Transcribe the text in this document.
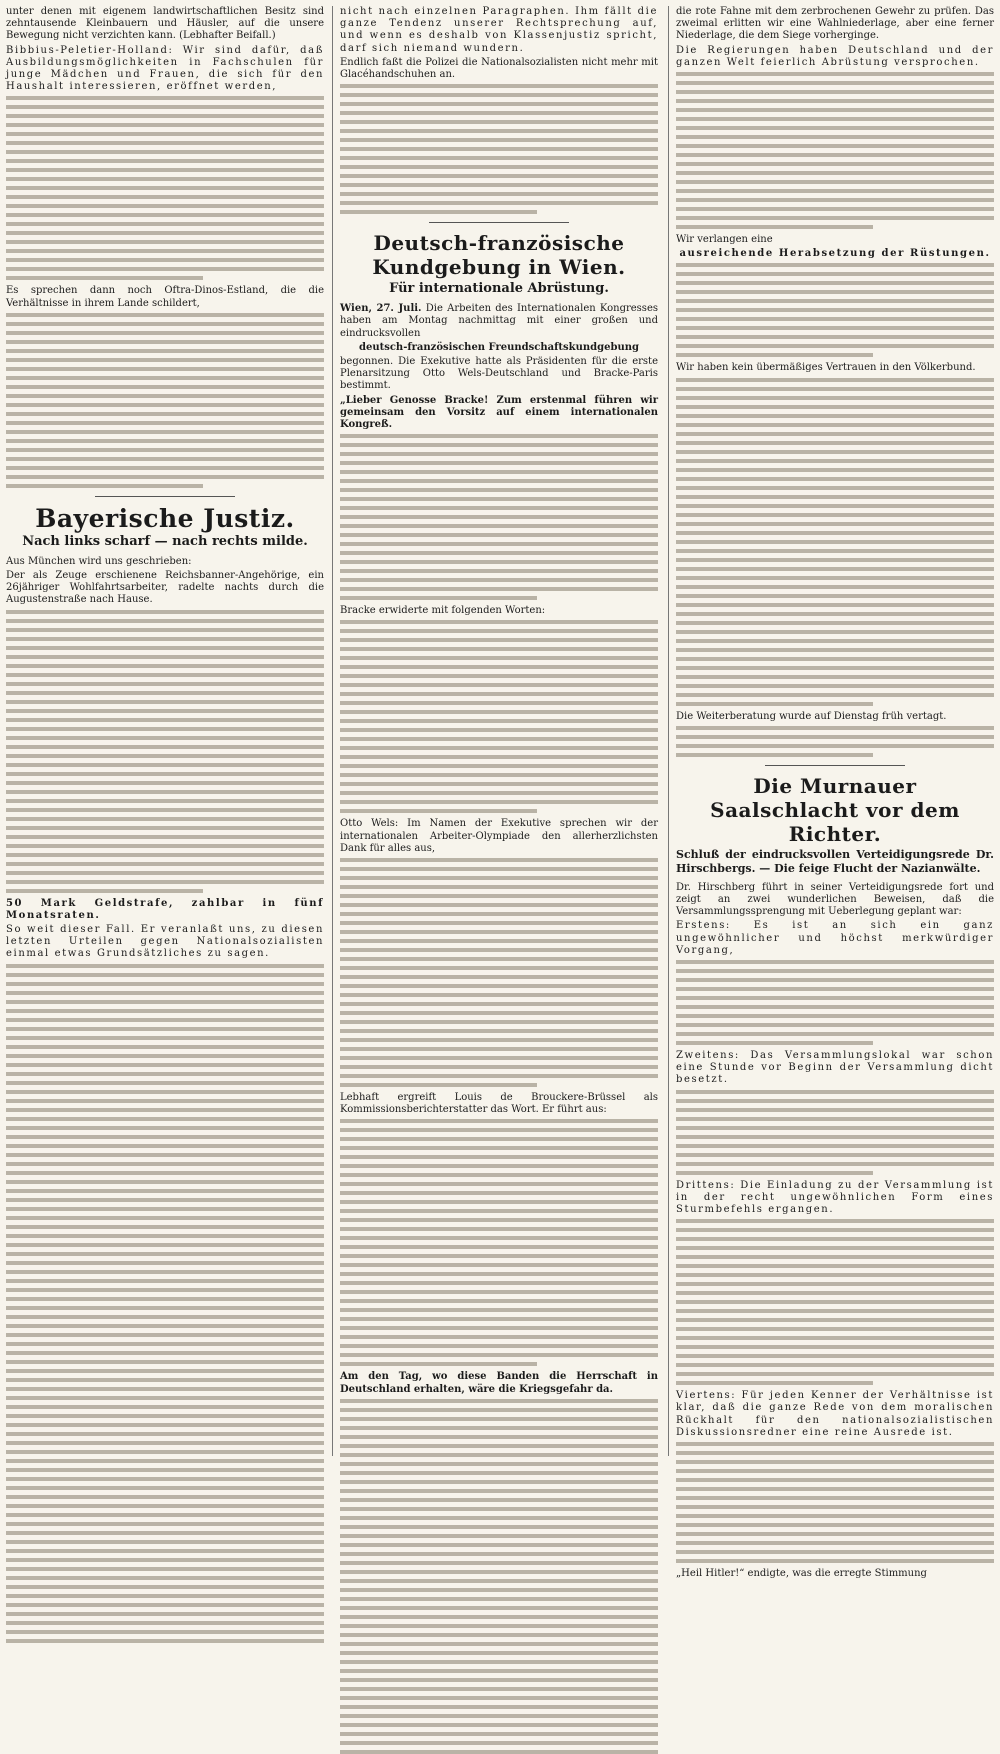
unter denen mit eigenem landwirtschaftlichen Besitz sind zehntausende Kleinbauern und Häusler, auf die unsere Bewegung nicht verzichten kann. (Lebhafter Beifall.)

Bibbius-Peletier-Holland: Wir sind dafür, daß Ausbildungsmöglichkeiten in Fachschulen für junge Mädchen und Frauen, die sich für den Haushalt interessieren, eröffnet werden,

Es sprechen dann noch Oftra-Dinos-Estland, die die Verhältnisse in ihrem Lande schildert,

Bayerische Justiz.
Nach links scharf — nach rechts milde.

Aus München wird uns geschrieben:

Der als Zeuge erschienene Reichsbanner-Angehörige, ein 26jähriger Wohlfahrtsarbeiter, radelte nachts durch die Augustenstraße nach Hause.

50 Mark Geldstrafe, zahlbar in fünf Monatsraten.

So weit dieser Fall. Er veranlaßt uns, zu diesen letzten Urteilen gegen Nationalsozialisten einmal etwas Grundsätzliches zu sagen.

nicht nach einzelnen Paragraphen. Ihm fällt die ganze Tendenz unserer Rechtsprechung auf, und wenn es deshalb von Klassenjustiz spricht, darf sich niemand wundern.

Endlich faßt die Polizei die Nationalsozialisten nicht mehr mit Glacéhandschuhen an.

Deutsch-französische Kundgebung in Wien.
Für internationale Abrüstung.

Wien, 27. Juli. Die Arbeiten des Internationalen Kongresses haben am Montag nachmittag mit einer großen und eindrucksvollen

deutsch-französischen Freundschaftskundgebung

begonnen. Die Exekutive hatte als Präsidenten für die erste Plenarsitzung Otto Wels-Deutschland und Bracke-Paris bestimmt.

„Lieber Genosse Bracke! Zum erstenmal führen wir gemeinsam den Vorsitz auf einem internationalen Kongreß.

Bracke erwiderte mit folgenden Worten:

Otto Wels: Im Namen der Exekutive sprechen wir der internationalen Arbeiter-Olympiade den allerherzlichsten Dank für alles aus,

Lebhaft ergreift Louis de Brouckere-Brüssel als Kommissionsberichterstatter das Wort. Er führt aus:

Am den Tag, wo diese Banden die Herrschaft in Deutschland erhalten, wäre die Kriegsgefahr da.

die rote Fahne mit dem zerbrochenen Gewehr zu prüfen. Das zweimal erlitten wir eine Wahlniederlage, aber eine ferner Niederlage, die dem Siege vorherginge.

Die Regierungen haben Deutschland und der ganzen Welt feierlich Abrüstung versprochen.

Wir verlangen eine

ausreichende Herabsetzung der Rüstungen.

Wir haben kein übermäßiges Vertrauen in den Völkerbund.

Die Weiterberatung wurde auf Dienstag früh vertagt.

Die Murnauer Saalschlacht vor dem Richter.
Schluß der eindrucksvollen Verteidigungsrede Dr. Hirschbergs. — Die feige Flucht der Nazianwälte.

Dr. Hirschberg führt in seiner Verteidigungsrede fort und zeigt an zwei wunderlichen Beweisen, daß die Versammlungssprengung mit Ueberlegung geplant war:

Erstens: Es ist an sich ein ganz ungewöhnlicher und höchst merkwürdiger Vorgang,

Zweitens: Das Versammlungslokal war schon eine Stunde vor Beginn der Versammlung dicht besetzt.

Drittens: Die Einladung zu der Versammlung ist in der recht ungewöhnlichen Form eines Sturmbefehls ergangen.

Viertens: Für jeden Kenner der Verhältnisse ist klar, daß die ganze Rede von dem moralischen Rückhalt für den nationalsozialistischen Diskussionsredner eine reine Ausrede ist.

„Heil Hitler!“ endigte, was die erregte Stimmung
